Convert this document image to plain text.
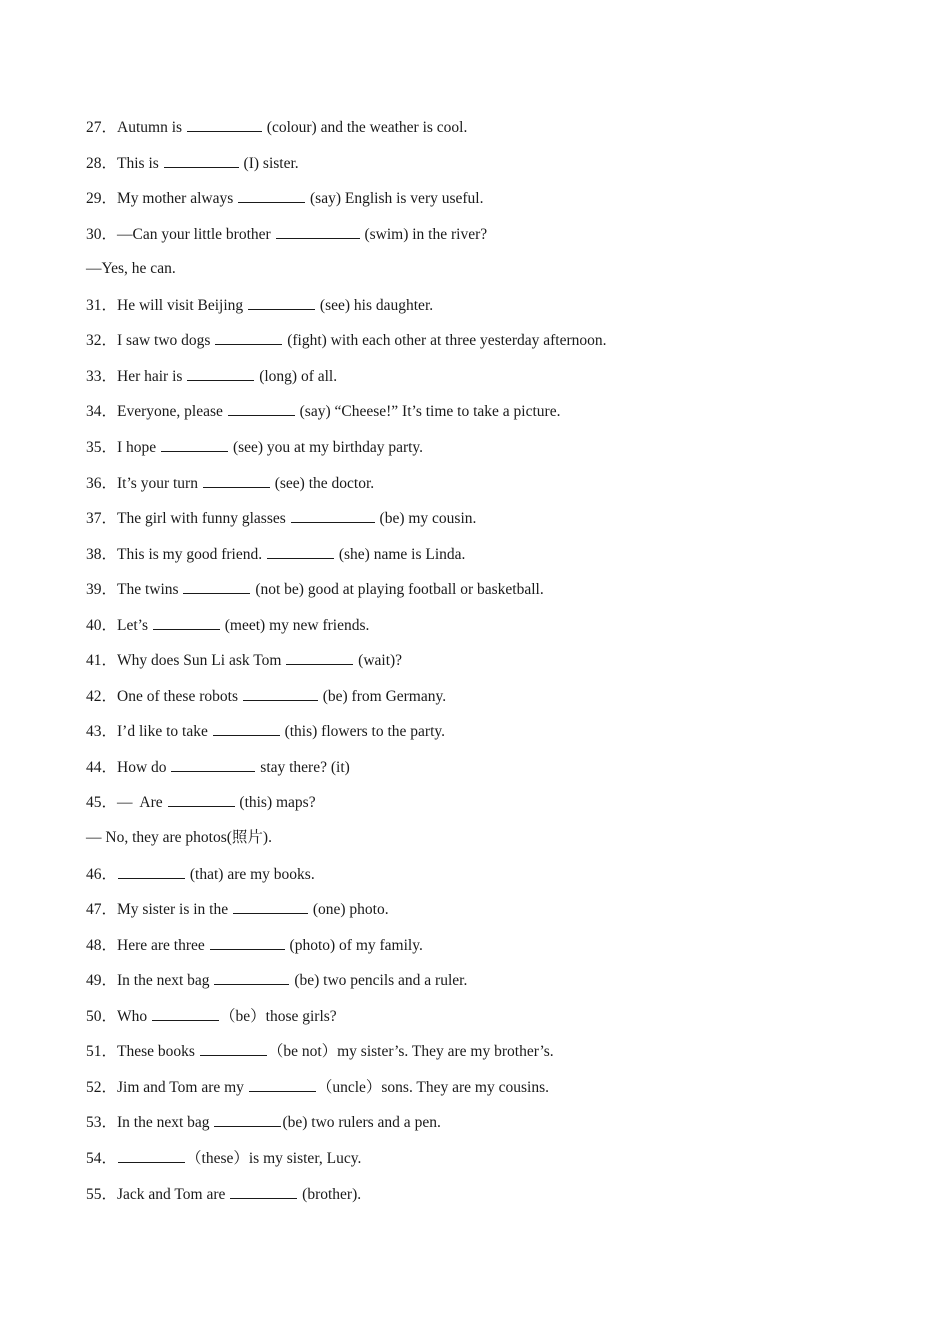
27．Autumn is	(colour) and the weather is cool.
28．This is	(I) sister.
29．My mother always	(say) English is very useful.
30．—Can your little brother	(swim) in the river?
—Yes, he can.
31．He will visit Beijing	(see) his daughter.
32．I saw two dogs	(fight) with each other at three yesterday afternoon.
33．Her hair is	(long) of all.
34．Everyone, please	(say) “Cheese!” It’s time to take a picture.
35．I hope	(see) you at my birthday party.
36．It’s your turn	(see) the doctor.
37．The girl with funny glasses	(be) my cousin.
38．This is my good friend.	(she) name is Linda.
39．The twins	(not be) good at playing football or basketball.
40．Let’s	(meet) my new friends.
41．Why does Sun Li ask Tom	(wait)?
42．One of these robots	(be) from Germany.
43．I’d like to take	(this) flowers to the party.
44．How do	stay there? (it)
45．—  Are	(this) maps?
— No, they are photos(照片).
46．	(that) are my books.
47．My sister is in the	(one) photo.
48．Here are three	(photo) of my family.
49．In the next bag	(be) two pencils and a ruler.
50．Who	（be）those girls?
51．These books	（be not）my sister’s. They are my brother’s.
52．Jim and Tom are my	（uncle）sons. They are my cousins.
53．In the next bag	(be) two rulers and a pen.
54．	（these）is my sister, Lucy.
55．Jack and Tom are	(brother).
